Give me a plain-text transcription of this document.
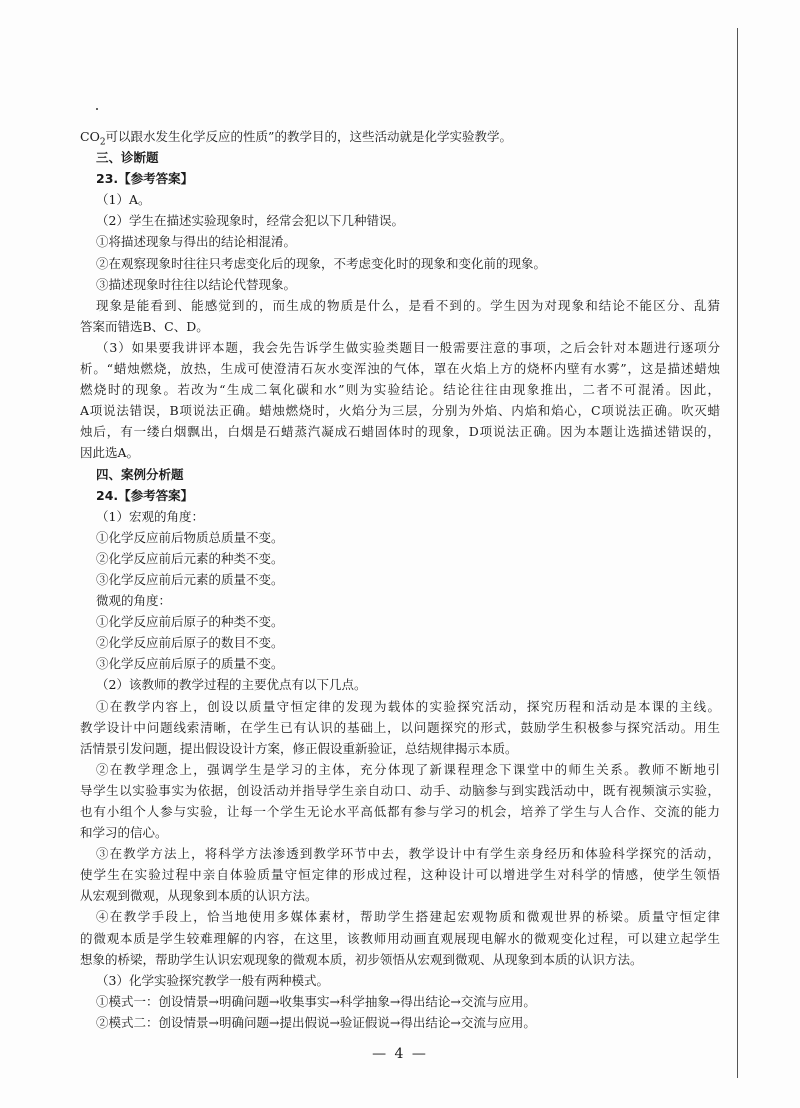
$CO_2$可以跟水发生化学反应的性质”的教学目的，这些活动就是化学实验教学。
三、诊断题
23.【参考答案】
（1）A。
（2）学生在描述实验现象时，经常会犯以下几种错误。
①将描述现象与得出的结论相混淆。
②在观察现象时往往只考虑变化后的现象，不考虑变化时的现象和变化前的现象。
③描述现象时往往以结论代替现象。
现象是能看到、能感觉到的，而生成的物质是什么，是看不到的。学生因为对现象和结论不能区分、乱猜
答案而错选B、C、D。
（3）如果要我讲评本题，我会先告诉学生做实验类题目一般需要注意的事项，之后会针对本题进行逐项分
析。“蜡烛燃烧，放热，生成可使澄清石灰水变浑浊的气体，罩在火焰上方的烧杯内壁有水雾”，这是描述蜡烛
燃烧时的现象。若改为“生成二氧化碳和水”则为实验结论。结论往往由现象推出，二者不可混淆。因此，
A项说法错误，B项说法正确。蜡烛燃烧时，火焰分为三层，分别为外焰、内焰和焰心，C项说法正确。吹灭蜡
烛后，有一缕白烟飘出，白烟是石蜡蒸汽凝成石蜡固体时的现象，D项说法正确。因为本题让选描述错误的，
因此选A。
四、案例分析题
24.【参考答案】
（1）宏观的角度：
①化学反应前后物质总质量不变。
②化学反应前后元素的种类不变。
③化学反应前后元素的质量不变。
微观的角度：
①化学反应前后原子的种类不变。
②化学反应前后原子的数目不变。
③化学反应前后原子的质量不变。
（2）该教师的教学过程的主要优点有以下几点。
①在教学内容上，创设以质量守恒定律的发现为载体的实验探究活动，探究历程和活动是本课的主线。
教学设计中问题线索清晰，在学生已有认识的基础上，以问题探究的形式，鼓励学生积极参与探究活动。用生
活情景引发问题，提出假设设计方案，修正假设重新验证，总结规律揭示本质。
②在教学理念上，强调学生是学习的主体，充分体现了新课程理念下课堂中的师生关系。教师不断地引
导学生以实验事实为依据，创设活动并指导学生亲自动口、动手、动脑参与到实践活动中，既有视频演示实验，
也有小组个人参与实验，让每一个学生无论水平高低都有参与学习的机会，培养了学生与人合作、交流的能力
和学习的信心。
③在教学方法上，将科学方法渗透到教学环节中去，教学设计中有学生亲身经历和体验科学探究的活动，
使学生在实验过程中亲自体验质量守恒定律的形成过程，这种设计可以增进学生对科学的情感，使学生领悟
从宏观到微观，从现象到本质的认识方法。
④在教学手段上，恰当地使用多媒体素材，帮助学生搭建起宏观物质和微观世界的桥梁。质量守恒定律
的微观本质是学生较难理解的内容，在这里，该教师用动画直观展现电解水的微观变化过程，可以建立起学生
想象的桥梁，帮助学生认识宏观现象的微观本质，初步领悟从宏观到微观、从现象到本质的认识方法。
（3）化学实验探究教学一般有两种模式。
①模式一：创设情景→明确问题→收集事实→科学抽象→得出结论→交流与应用。
②模式二：创设情景→明确问题→提出假说→验证假说→得出结论→交流与应用。
— 4 —
